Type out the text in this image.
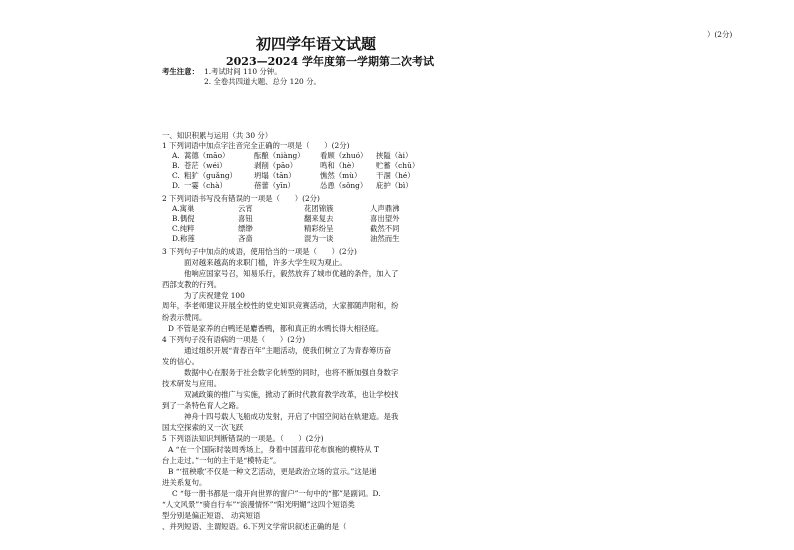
）(2分)
初四学年语文试题
2023—2024 学年度第一学期第二次考试
考生注意： 1.考试时间 110 分钟。
2. 全卷共四道大题、总分 120 分。
一、知识积累与运用（共 30 分）
1 下列词语中加点字注音完全正确的一项是（　　）(2分)
A. 蒿德（māo）	酝酿（niàng） 看顾（zhuó） 挟隘（ài）
B. 苍茫（wéi）	剥削（pāo）	鸣和（hè） 贮蓄（chǔ）
C. 粗犷（guǎng） 坍塌（tān）	憔然（mù） 干涸（hé）
D. 一霎（chà）	蓓蕾（yīn）	怂恿（sǒng） 庇护（bì）
2 下列词语书写没有错误的一项是（　　）(2分)
A.寓巢	云宵	花团锦簇	人声鼎沸
B.偶倪	喜钮	翻来复去	喜出望外
C.纯粹	缥缈	精彩纷呈	截然不同
D.称莲	吝啬	混为一谈	油然而生
3 下列句子中加点的成语，使用恰当的一项是（　　）(2分)
面对越来越高的求职门槛，许多大学生叹为观止。
他响应国家号召，知易乐行，毅然放弃了城市优越的条件，加入了
西部支教的行列。
为了庆祝建党 100
周年，李老师建议开展全校性的党史知识竞赛活动，大家都随声附和，纷
纷表示赞同。
D 不管是家养的白鸭还是麝香鸭，都和真正的水鸭长得大相径庭。
4 下列句子没有语病的一项是（　　）(2分)
通过组织开展“青春百年”主题活动，使我们树立了为青春筹历奋
发的信心。
数据中心在服务于社会数字化转型的同时，也将不断加强自身数字
技术研发与应用。
双减政策的推广与实施，掀动了新时代教育教学改革，也让学校找
到了一条特色育人之路。
神舟十四号载人飞船成功发射，开启了中国空间站在轨建造。是我
国太空探索的又一次飞跃
5 下列语法知识判断错误的一项是。（　　）(2分)
A “在一个国际时装周秀场上，身着中国蓝印花布旗袍的模特从 T
台上走过。”一句的主干是“模特走”。
B “‘扭秧歌’不仅是一种文艺活动，更是政治立场的宣示。”这是递
进关系复句。
C “每一册书都是一扇开向世界的窗户”一句中的“都”是副词。D.
“人文风景”“骑自行车”“浪漫情怀”“阳光明媚”这四个短语类
型分别是偏正短语、 动宾短语
、并列短语、主谓短语。6.下列文学常识叙述正确的是（
